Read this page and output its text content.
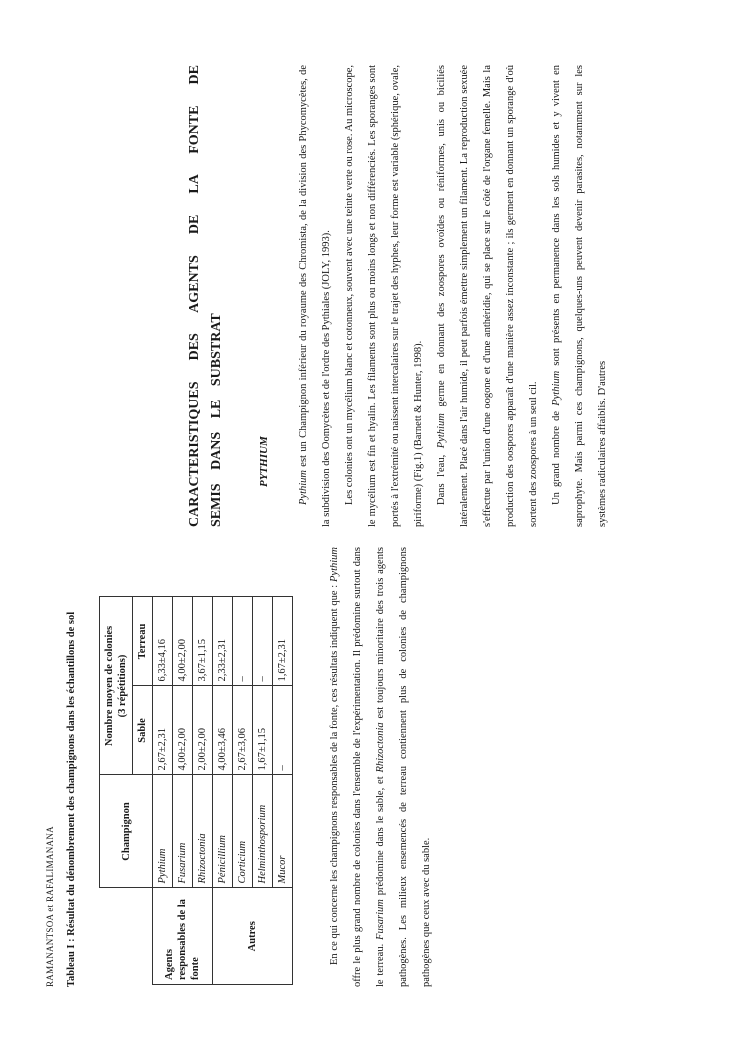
RAMANANTSOA et RAFALIMANANA Tableau I : Résultat du dénombrement des champignons dans les échantillons de sol
		Champignon	Nombre moyen de colonies (3 répétitions)	

		Sable	Terreau
Agents responsables de la fonte	Pythium	2,67±2,31	6,33±4,16
	Fusarium	4,00±2,00	4,00±2,00
	Rhizoctonia	2,00±2,00	3,67±1,15
Autres	Pénicillium	4,00±3,46	2,33±2,31
	Corticium	2,67±3,06	–
	Helminthosporium	1,67±1,15	–
	Mucor	–	1,67±2,31	En ce qui concerne les champignons responsables de la fonte, ces résultats indiquent que : Pythium offre le plus grand nombre de colonies dans l'ensemble de l'expérimentation. Il prédomine surtout dans le terreau. Fusarium prédomine dans le sable, et Rhizoctonia est toujours minoritaire des trois agents pathogènes. Les milieux ensemencés de terreau contiennent plus de colonies de champignons pathogènes que ceux avec du sable.

CARACTERISTIQUES DES AGENTS DE LA FONTE DE SEMIS DANS LE SUBSTRAT	PYTHIUM

Pythium est un Champignon inférieur du royaume des Chromista, de la division des Phycomycètes, de la subdivision des Oomycètes et de l'ordre des Pythiales (JOLY, 1993).	Les colonies ont un mycélium blanc et cotonneux, souvent avec une teinte verte ou rose. Au microscope, le mycélium est fin et hyalin. Les filaments sont plus ou moins longs et non différenciés. Les sporanges sont portés à l'extrémité ou naissent intercalaires sur le trajet des hyphes, leur forme est variable (sphérique, ovale, piriforme) (Fig.1) (Barnett & Hunter, 1998).	Dans l'eau, Pythium germe en donnant des zoospores ovoïdes ou réniformes, unis ou biciliés latéralement. Placé dans l'air humide, il peut parfois émettre simplement un filament. La reproduction sexuée s'effectue par l'union d'une oogone et d'une anthéridie, qui se place sur le côté de l'organe femelle. Mais la production des oospores apparaît d'une manière assez inconstante ; ils germent en donnant un sporange d'où sortent des zoospores à un seul cil.	Un grand nombre de Pythium sont présents en permanence dans les sols humides et y vivent en saprophyte. Mais parmi ces champignons, quelques-uns peuvent devenir parasites, notamment sur les systèmes radiculaires affaiblis. D'autres
